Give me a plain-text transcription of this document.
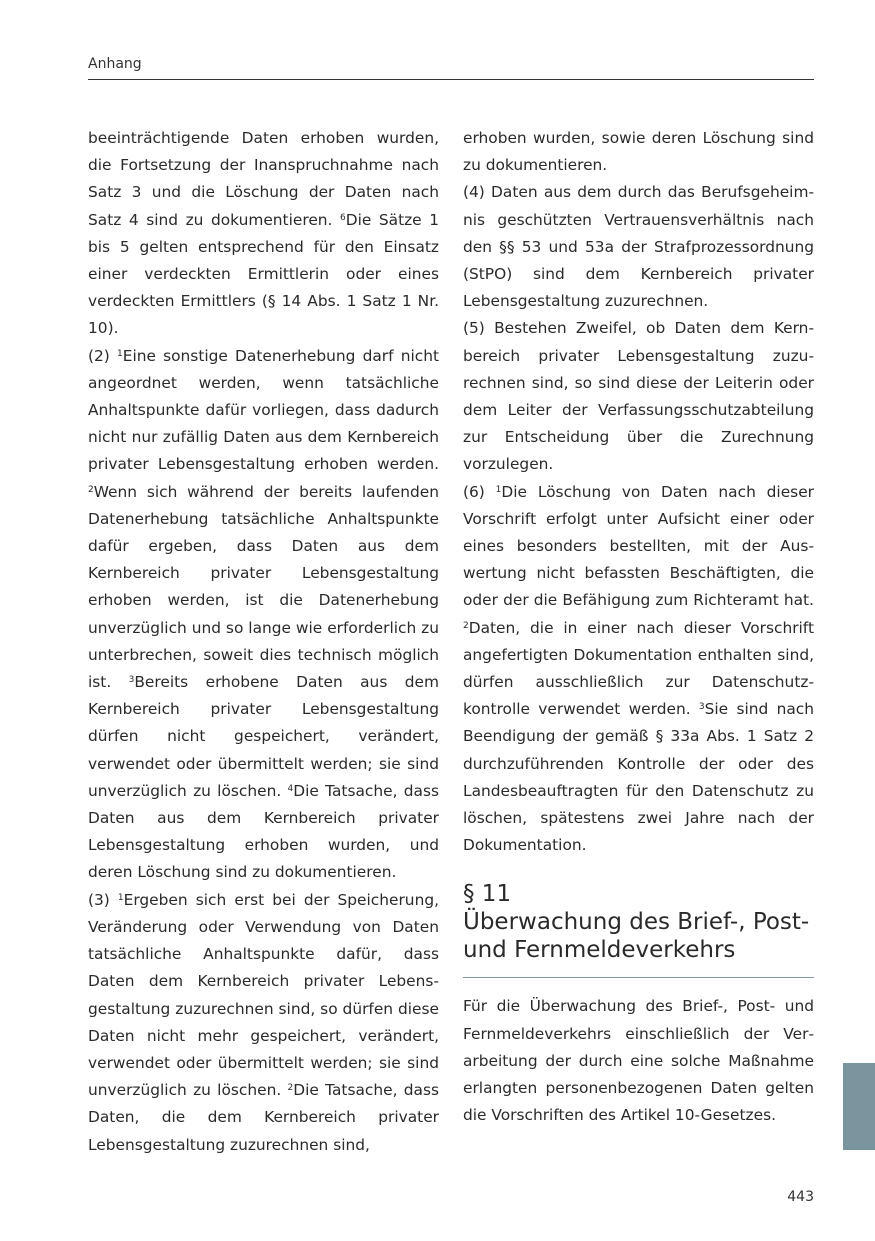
Anhang

beeinträchtigende Daten erhoben wurden, die Fortsetzung der Inanspruchnahme nach Satz 3 und die Löschung der Daten nach Satz 4 sind zu dokumentieren. $^6$Die Sätze 1 bis 5 gelten entsprechend für den Einsatz einer verdeckten Ermittlerin oder eines verdeckten Ermittlers (§ 14 Abs. 1 Satz 1 Nr. 10).

(2) $^1$Eine sonstige Datenerhebung darf nicht angeordnet werden, wenn tatsächliche Anhaltspunkte dafür vorliegen, dass dadurch nicht nur zufällig Daten aus dem Kernbereich privater Lebensgestaltung erhoben werden. $^2$Wenn sich während der bereits laufenden Datenerhebung tatsächliche Anhaltspunkte dafür ergeben, dass Daten aus dem Kernbereich privater Lebensgestaltung erhoben werden, ist die Datenerhebung unverzüglich und so lange wie erforderlich zu unterbrechen, soweit dies technisch möglich ist. $^3$Bereits erhobene Daten aus dem Kernbereich privater Lebensgestaltung dürfen nicht gespeichert, verändert, verwendet oder übermittelt werden; sie sind unverzüglich zu löschen. $^4$Die Tatsache, dass Daten aus dem Kernbereich privater Lebensgestaltung erhoben wurden, und deren Löschung sind zu dokumentieren.

(3) $^1$Ergeben sich erst bei der Speicherung, Veränderung oder Verwendung von Daten tatsächliche Anhaltspunkte dafür, dass Daten dem Kernbereich privater Lebensgestaltung zuzurechnen sind, so dürfen diese Daten nicht mehr gespeichert, verändert, verwendet oder übermittelt werden; sie sind unverzüglich zu löschen. $^2$Die Tatsache, dass Daten, die dem Kernbereich privater Lebensgestaltung zuzurechnen sind,

erhoben wurden, sowie deren Löschung sind zu dokumentieren.

(4) Daten aus dem durch das Berufsgeheimnis geschützten Vertrauensverhältnis nach den §§ 53 und 53a der Strafprozessordnung (StPO) sind dem Kernbereich privater Lebensgestaltung zuzurechnen.

(5) Bestehen Zweifel, ob Daten dem Kernbereich privater Lebensgestaltung zuzurechnen sind, so sind diese der Leiterin oder dem Leiter der Verfassungsschutzabteilung zur Entscheidung über die Zurechnung vorzulegen.

(6) $^1$Die Löschung von Daten nach dieser Vorschrift erfolgt unter Aufsicht einer oder eines besonders bestellten, mit der Auswertung nicht befassten Beschäftigten, die oder der die Befähigung zum Richteramt hat. $^2$Daten, die in einer nach dieser Vorschrift angefertigten Dokumentation enthalten sind, dürfen ausschließlich zur Datenschutzkontrolle verwendet werden. $^3$Sie sind nach Beendigung der gemäß § 33a Abs. 1 Satz 2 durchzuführenden Kontrolle der oder des Landesbeauftragten für den Datenschutz zu löschen, spätestens zwei Jahre nach der Dokumentation.

§ 11
Überwachung des Brief-, Post- und Fernmeldeverkehrs

Für die Überwachung des Brief-, Post- und Fernmeldeverkehrs einschließlich der Verarbeitung der durch eine solche Maßnahme erlangten personenbezogenen Daten gelten die Vorschriften des Artikel 10-Gesetzes.

443
